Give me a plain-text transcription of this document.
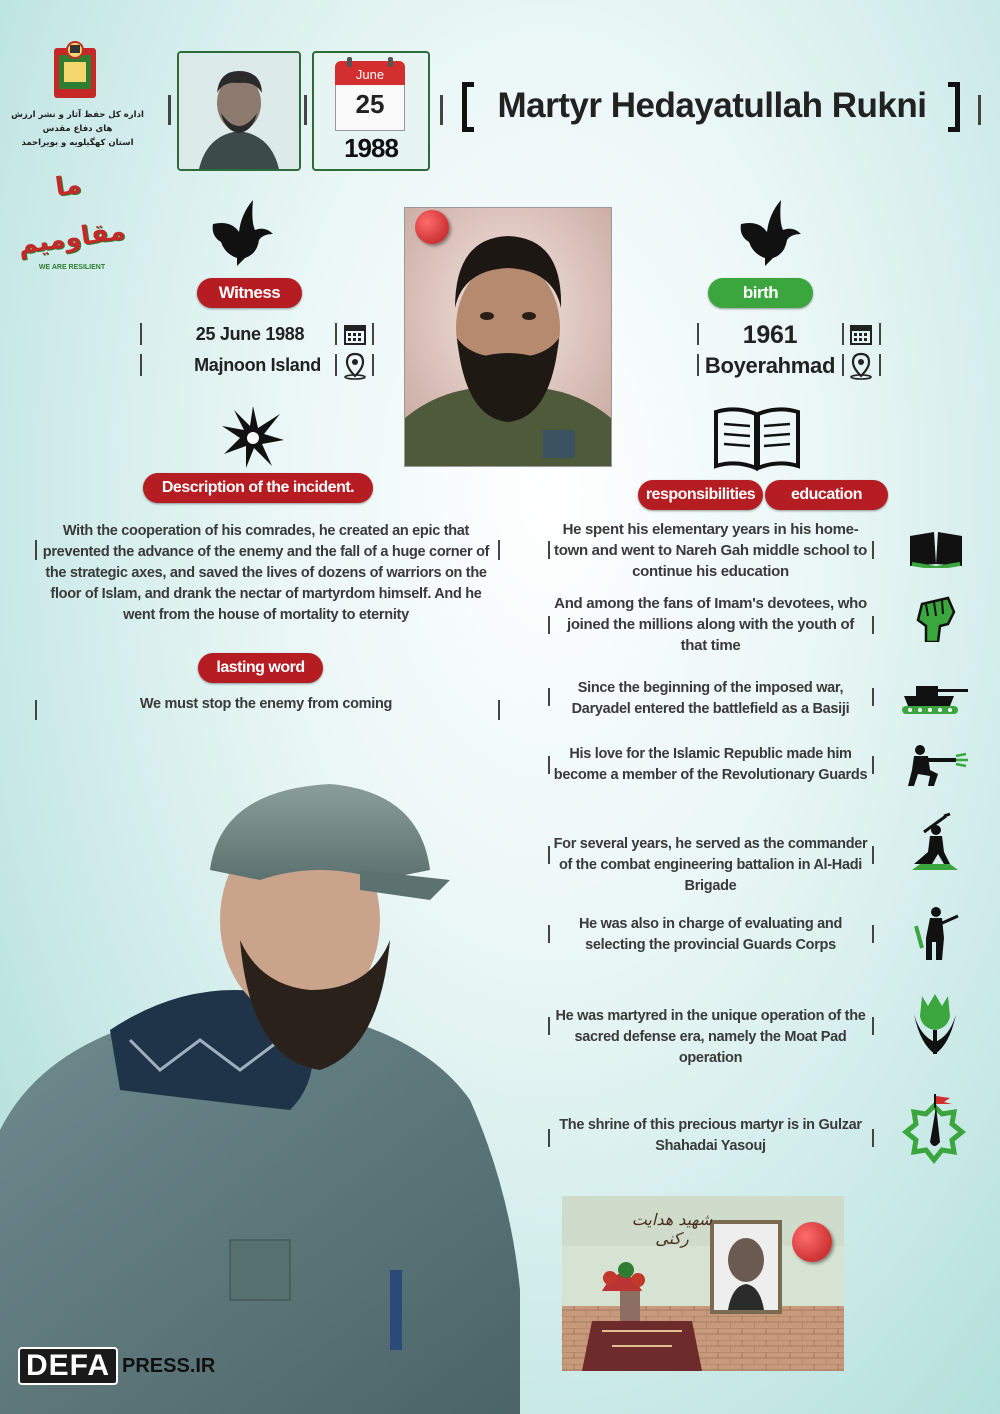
اداره کل حفظ آثار و نشر ارزش های دفاع مقدس
استان کهگیلویه و بویراحمد
ما مقاومیم
WE ARE RESILIENT
June
25
1988
Martyr Hedayatullah Rukni
Witness
25 June 1988
Majnoon Island
birth
1961
Boyerahmad
Description of the incident.
With the cooperation of his comrades, he created an epic that prevented the advance of the enemy and the fall of a huge corner of the strategic axes, and saved the lives of dozens of warriors on the floor of Islam, and drank the nectar of martyrdom himself. And he went from the house of mortality to eternity
lasting word
We must stop the enemy from coming
DEFA PRESS.IR
responsibilities	education
He spent his elementary years in his home-town and went to Nareh Gah middle school to continue his education
And among the fans of Imam's devotees, who joined the millions along with the youth of that time
Since the beginning of the imposed war, Daryadel entered the battlefield as a Basiji
His love for the Islamic Republic made him become a member of the Revolutionary Guards
For several years, he served as the commander of the combat engineering battalion in Al-Hadi Brigade
He was also in charge of evaluating and selecting the provincial Guards Corps
He was martyred in the unique operation of the sacred defense era, namely the Moat Pad operation
The shrine of this precious martyr is in Gulzar Shahadai Yasouj
شهید هدایت رکنی
